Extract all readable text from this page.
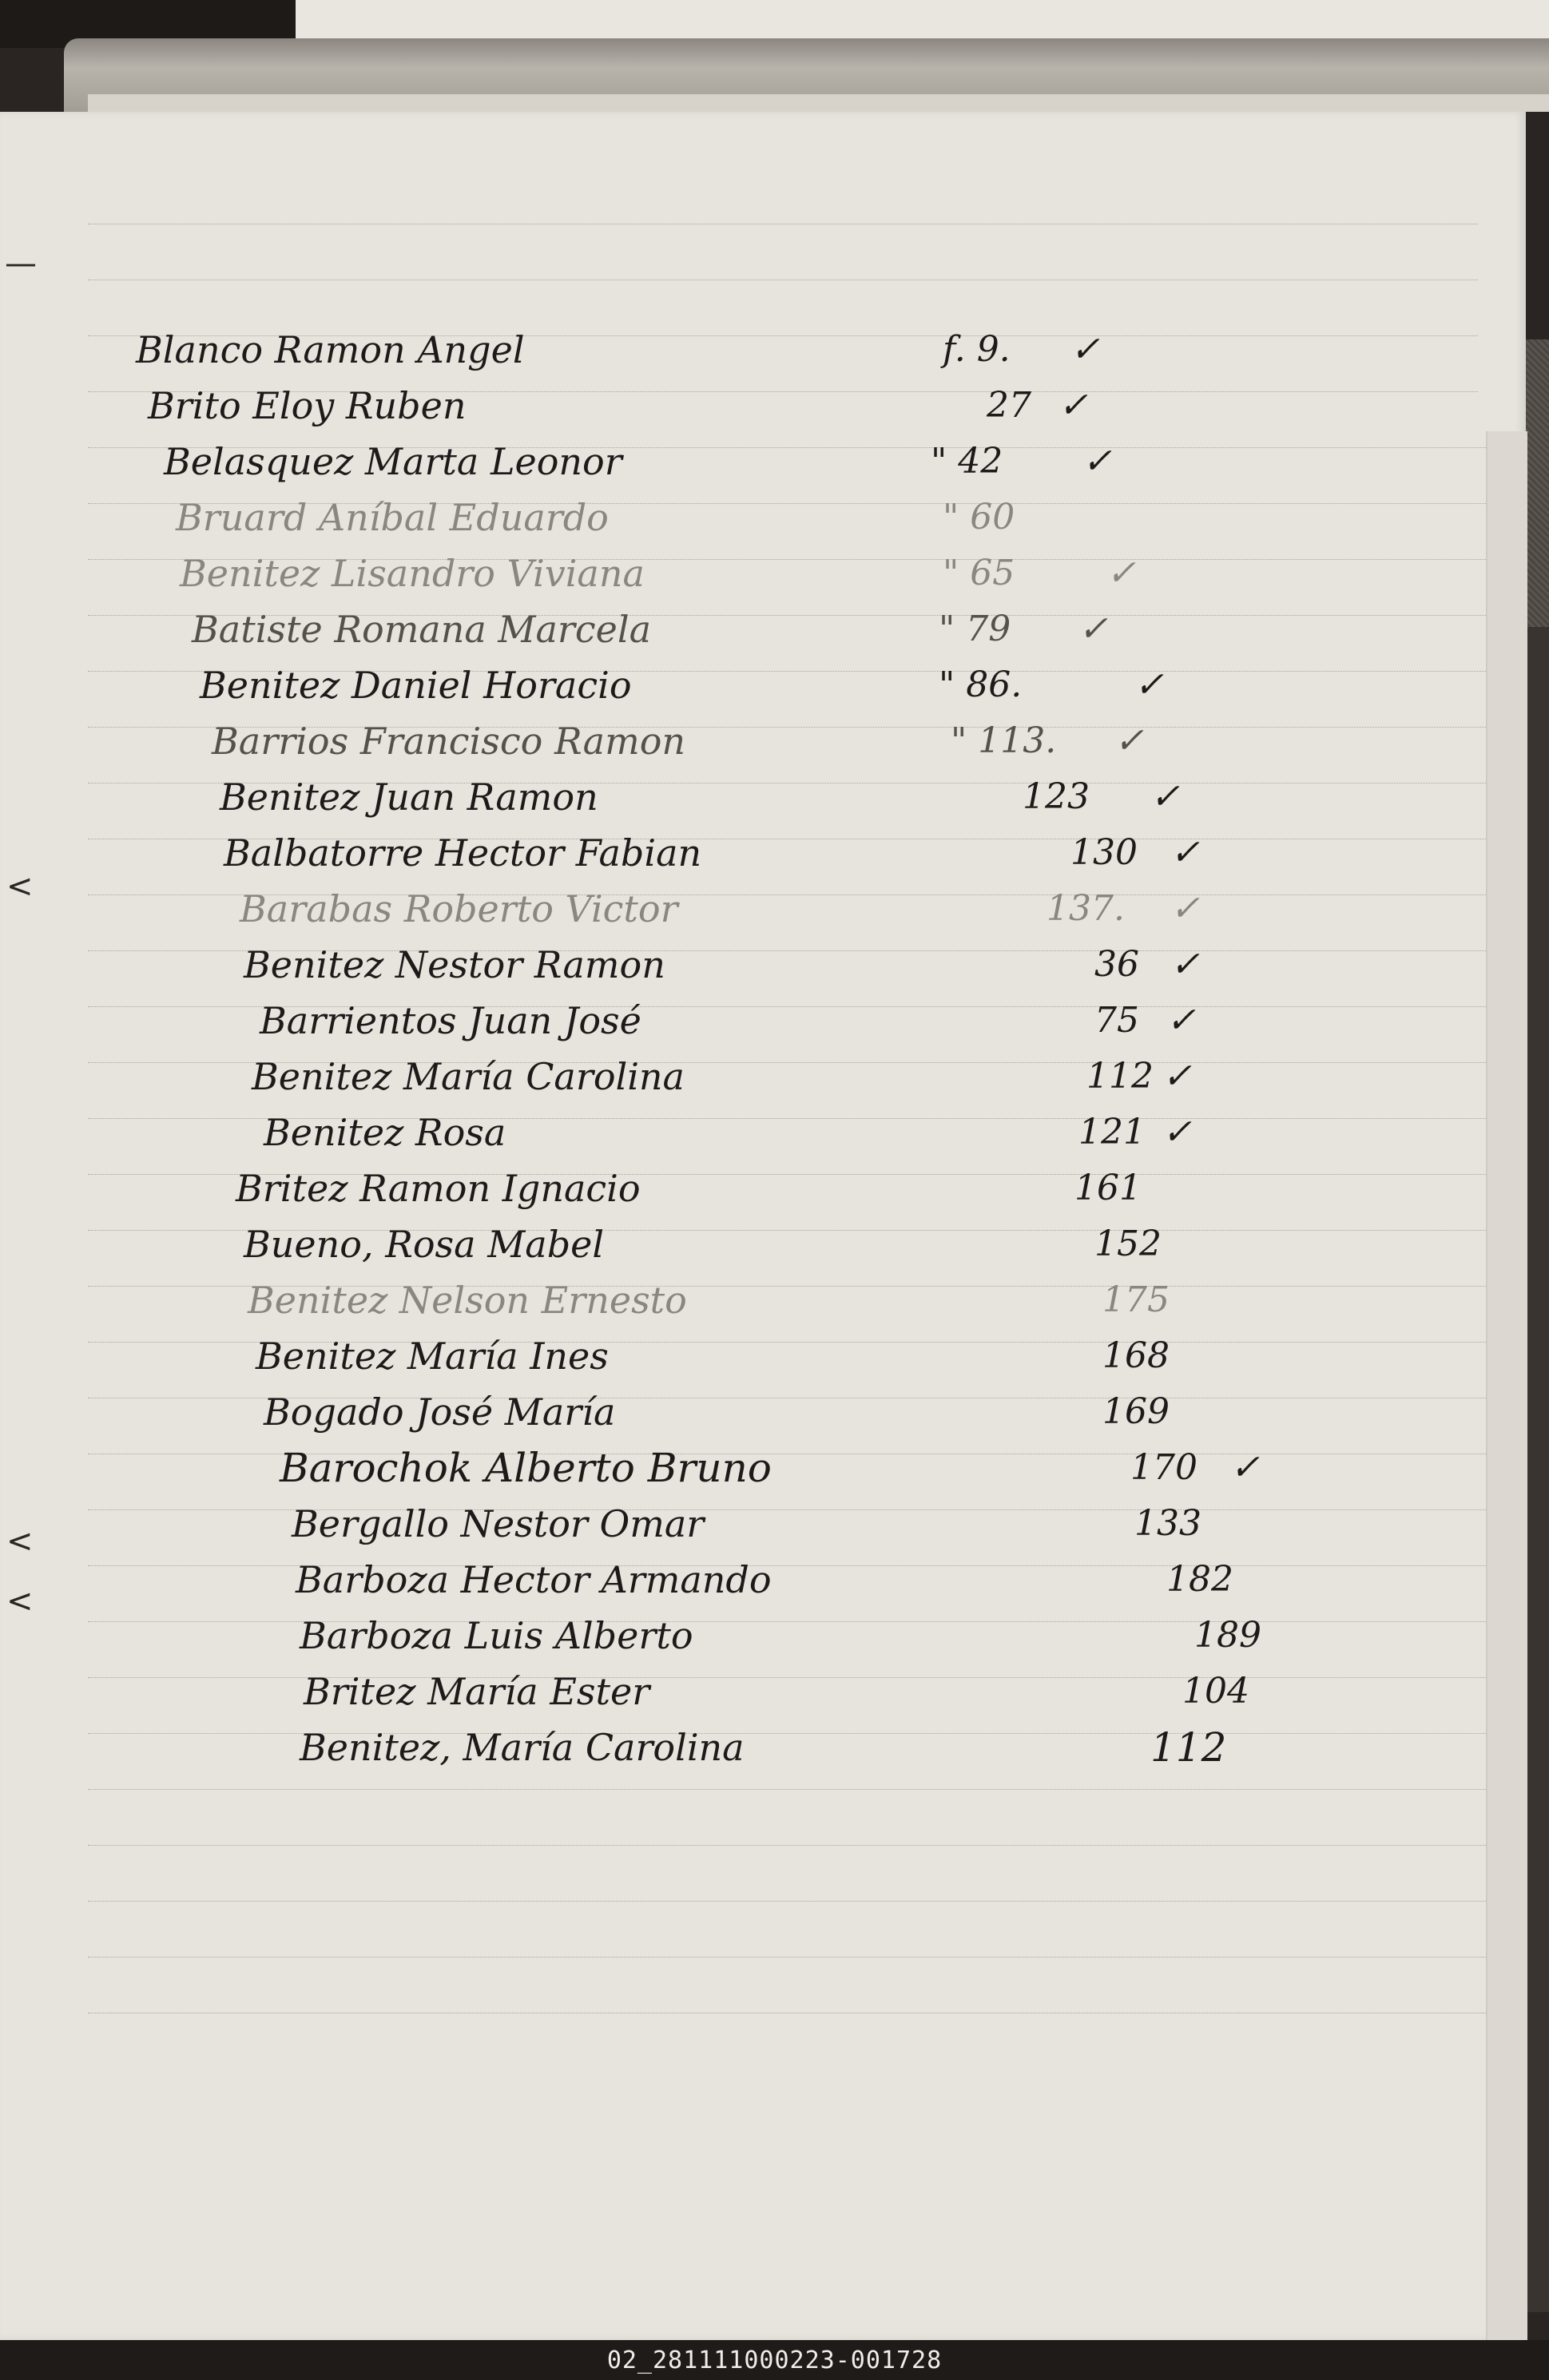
—
<
<
<
Blanco Ramon Angel	f. 9. ✓
Brito Eloy Ruben	27 ✓
Belasquez Marta Leonor	" 42 ✓
Bruard Aníbal Eduardo	" 60
Benitez Lisandro Viviana	" 65	✓
Batiste Romana Marcela	" 79 ✓
Benitez Daniel Horacio	" 86.	✓
Barrios Francisco Ramon	" 113. ✓
Benitez Juan Ramon	123 ✓
Balbatorre Hector Fabian	130 ✓
Barabas Roberto Victor	137. ✓
Benitez Nestor Ramon	36 ✓
Barrientos Juan José	75 ✓
Benitez María Carolina	112 ✓
Benitez Rosa	121 ✓
Britez Ramon Ignacio	161
Bueno, Rosa Mabel	152
Benitez Nelson Ernesto	175
Benitez María Ines	168
Bogado José María	169
Barochok Alberto Bruno	170 ✓
Bergallo Nestor Omar	133
Barboza Hector Armando	182
Barboza Luis Alberto	189
Britez María Ester	104
Benitez, María Carolina	112
02_281111000223-001728
